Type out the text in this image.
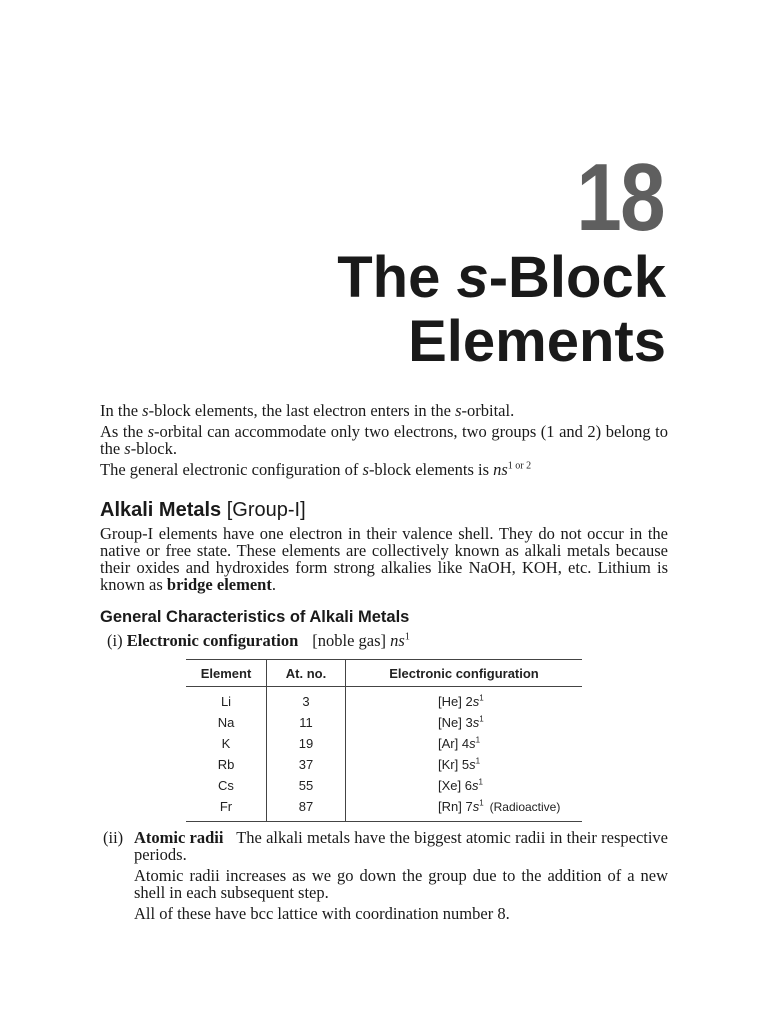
18
The s-Block
Elements

In the s-block elements, the last electron enters in the s-orbital.

As the s-orbital can accommodate only two electrons, two groups (1 and 2) belong to the s-block.

The general electronic configuration of s-block elements is $ns^{1 or 2}$

Alkali Metals [Group-I]

Group-I elements have one electron in their valence shell. They do not occur in the native or free state. These elements are collectively known as alkali metals because their oxides and hydroxides form strong alkalies like NaOH, KOH, etc. Lithium is known as bridge element.

General Characteristics of Alkali Metals
(i) Electronic configuration [noble gas] $ns^1$
Element	At. no.	Electronic configuration
Li	3	[He] $2s^1$
Na	11	[Ne] $3s^1$
K	19	[Ar] $4s^1$
Rb	37	[Kr] $5s^1$
Cs	55	[Xe] $6s^1$
Fr	87	[Rn] $7s^1$ (Radioactive)
(ii) Atomic radii The alkali metals have the biggest atomic radii in their respective periods.

Atomic radii increases as we go down the group due to the addition of a new shell in each subsequent step.

All of these have bcc lattice with coordination number 8.
